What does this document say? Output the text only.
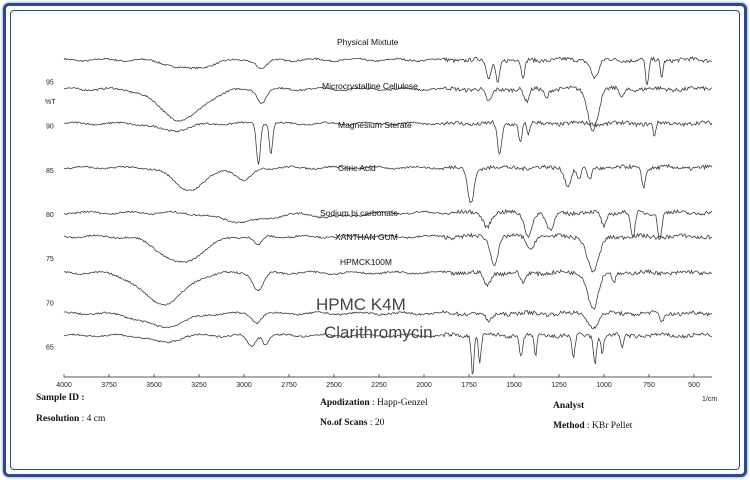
95
90
85
80
75
70
65
%T
Physical Mixtute
Microcrystalline Cellulose
Magnesium Sterate
Citric Acid
Sodium bi carbonate
XANTHAN GUM
HPMCK100M
HPMC K4M
Clarithromycin
4000	3750	3500	3250	3000	2750	2500	2250	2000	1750	1500	1250	1000	750	500
1/cm
Sample ID :
Resolution : 4 cm
Apodization : Happ-Genzel
No.of Scans : 20
Analyst
Method : KBr Pellet
